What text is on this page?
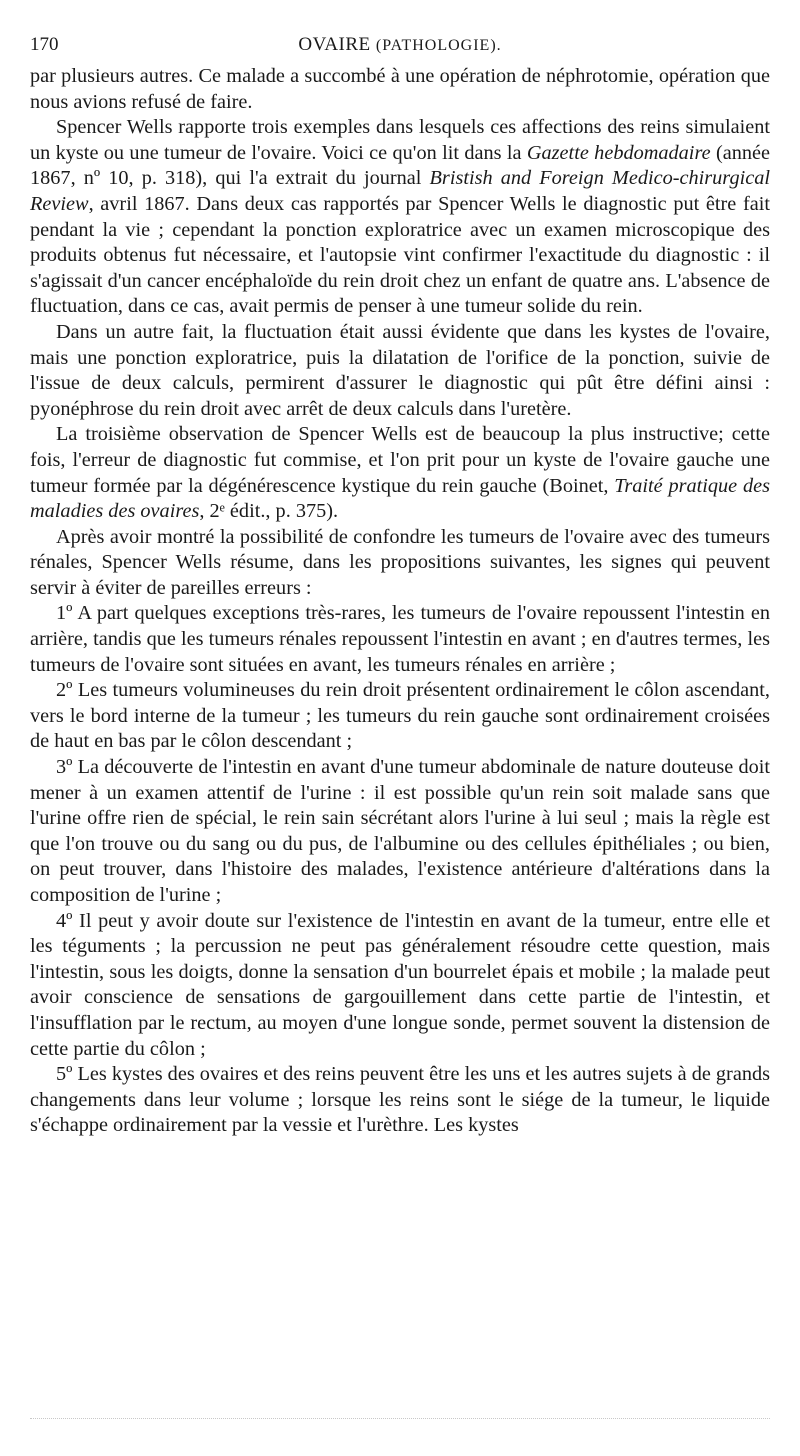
170	OVAIRE (PATHOLOGIE).

par plusieurs autres. Ce malade a succombé à une opération de néphrotomie, opération que nous avions refusé de faire.

Spencer Wells rapporte trois exemples dans lesquels ces affections des reins simulaient un kyste ou une tumeur de l'ovaire. Voici ce qu'on lit dans la Gazette hebdomadaire (année 1867, nº 10, p. 318), qui l'a extrait du journal Bristish and Foreign Medico-chirurgical Review, avril 1867. Dans deux cas rapportés par Spencer Wells le diagnostic put être fait pendant la vie ; cependant la ponction exploratrice avec un examen microscopique des produits obtenus fut nécessaire, et l'autopsie vint confirmer l'exactitude du diagnostic : il s'agissait d'un cancer encéphaloïde du rein droit chez un enfant de quatre ans. L'absence de fluctuation, dans ce cas, avait permis de penser à une tumeur solide du rein.

Dans un autre fait, la fluctuation était aussi évidente que dans les kystes de l'ovaire, mais une ponction exploratrice, puis la dilatation de l'orifice de la ponction, suivie de l'issue de deux calculs, permirent d'assurer le diagnostic qui pût être défini ainsi : pyonéphrose du rein droit avec arrêt de deux calculs dans l'uretère.

La troisième observation de Spencer Wells est de beaucoup la plus instructive; cette fois, l'erreur de diagnostic fut commise, et l'on prit pour un kyste de l'ovaire gauche une tumeur formée par la dégénérescence kystique du rein gauche (Boinet, Traité pratique des maladies des ovaires, 2ᵉ édit., p. 375).

Après avoir montré la possibilité de confondre les tumeurs de l'ovaire avec des tumeurs rénales, Spencer Wells résume, dans les propositions suivantes, les signes qui peuvent servir à éviter de pareilles erreurs :

1º A part quelques exceptions très-rares, les tumeurs de l'ovaire repoussent l'intestin en arrière, tandis que les tumeurs rénales repoussent l'intestin en avant ; en d'autres termes, les tumeurs de l'ovaire sont situées en avant, les tumeurs rénales en arrière ;

2º Les tumeurs volumineuses du rein droit présentent ordinairement le côlon ascendant, vers le bord interne de la tumeur ; les tumeurs du rein gauche sont ordinairement croisées de haut en bas par le côlon descendant ;

3º La découverte de l'intestin en avant d'une tumeur abdominale de nature douteuse doit mener à un examen attentif de l'urine : il est possible qu'un rein soit malade sans que l'urine offre rien de spécial, le rein sain sécrétant alors l'urine à lui seul ; mais la règle est que l'on trouve ou du sang ou du pus, de l'albumine ou des cellules épithéliales ; ou bien, on peut trouver, dans l'histoire des malades, l'existence antérieure d'altérations dans la composition de l'urine ;

4º Il peut y avoir doute sur l'existence de l'intestin en avant de la tumeur, entre elle et les téguments ; la percussion ne peut pas généralement résoudre cette question, mais l'intestin, sous les doigts, donne la sensation d'un bourrelet épais et mobile ; la malade peut avoir conscience de sensations de gargouillement dans cette partie de l'intestin, et l'insufflation par le rectum, au moyen d'une longue sonde, permet souvent la distension de cette partie du côlon ;

5º Les kystes des ovaires et des reins peuvent être les uns et les autres sujets à de grands changements dans leur volume ; lorsque les reins sont le siége de la tumeur, le liquide s'échappe ordinairement par la vessie et l'urèthre. Les kystes
